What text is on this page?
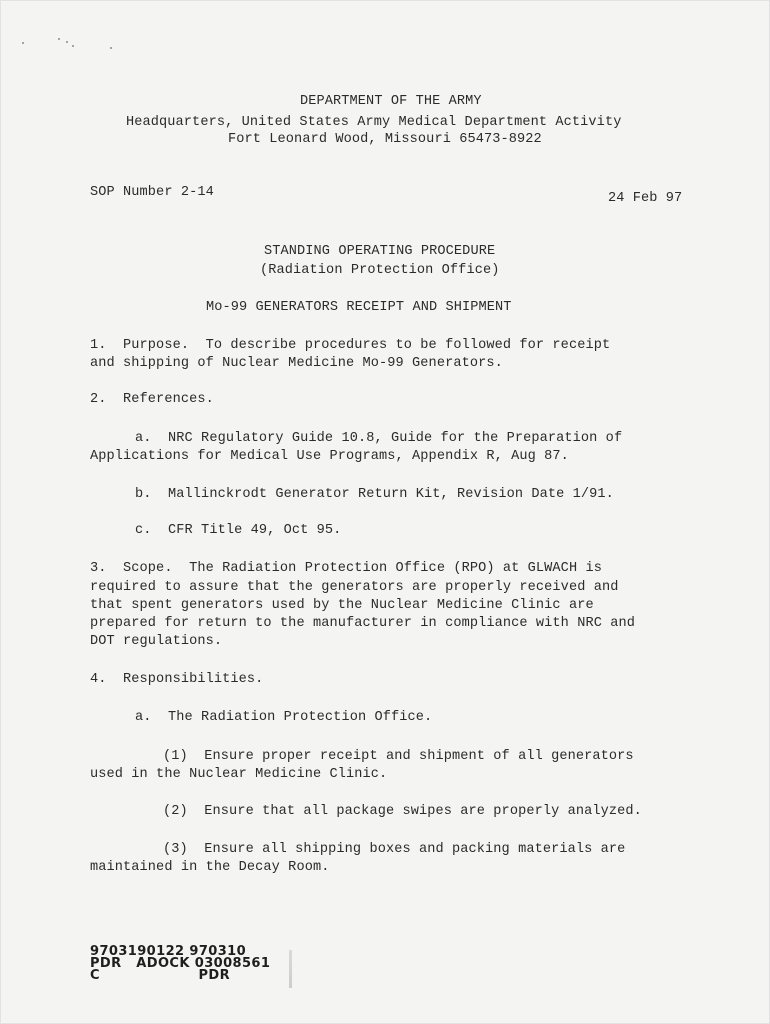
DEPARTMENT OF THE ARMY
Headquarters, United States Army Medical Department Activity
Fort Leonard Wood, Missouri 65473-8922
SOP Number 2-14	24 Feb 97
STANDING OPERATING PROCEDURE
(Radiation Protection Office)
Mo-99 GENERATORS RECEIPT AND SHIPMENT
1.  Purpose.  To describe procedures to be followed for receipt
and shipping of Nuclear Medicine Mo-99 Generators.
2.  References.
a.  NRC Regulatory Guide 10.8, Guide for the Preparation of
Applications for Medical Use Programs, Appendix R, Aug 87.
b.  Mallinckrodt Generator Return Kit, Revision Date 1/91.
c.  CFR Title 49, Oct 95.
3.  Scope.  The Radiation Protection Office (RPO) at GLWACH is
required to assure that the generators are properly received and
that spent generators used by the Nuclear Medicine Clinic are
prepared for return to the manufacturer in compliance with NRC and
DOT regulations.
4.  Responsibilities.
a.  The Radiation Protection Office.
(1)  Ensure proper receipt and shipment of all generators
used in the Nuclear Medicine Clinic.
(2)  Ensure that all package swipes are properly analyzed.
(3)  Ensure all shipping boxes and packing materials are
maintained in the Decay Room.
9703190122 970310
PDR   ADOCK 03008561
C                    PDR
